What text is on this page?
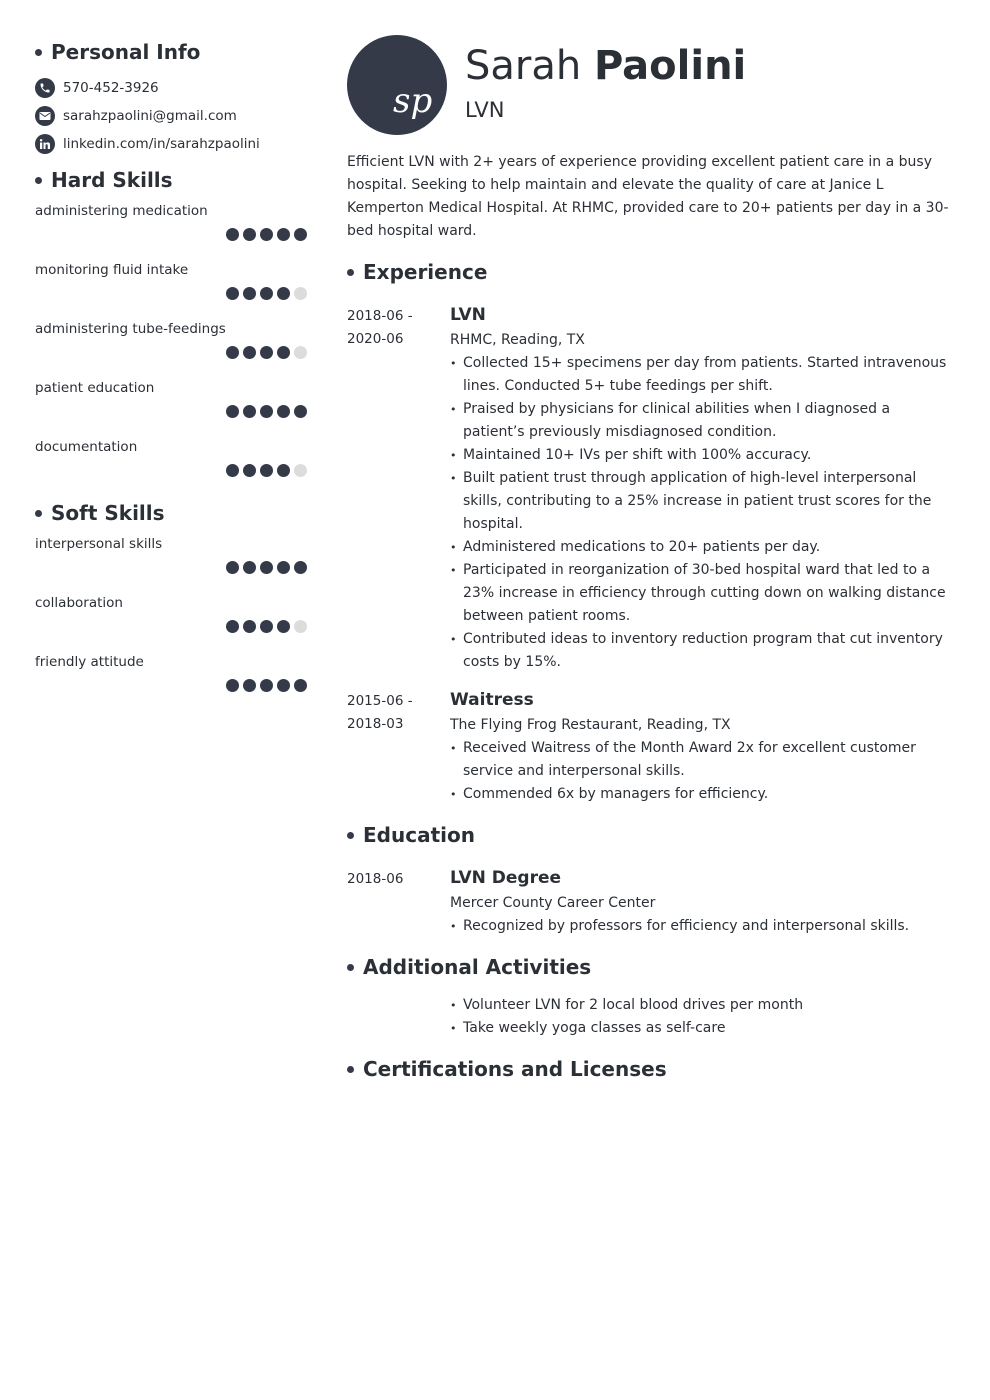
Personal Info
570-452-3926
sarahzpaolini@gmail.com
linkedin.com/in/sarahzpaolini
Hard Skills
administering medication
monitoring fluid intake
administering tube-feedings
patient education
documentation
Soft Skills
interpersonal skills
collaboration
friendly attitude
sp
Sarah Paolini
LVN

Efficient LVN with 2+ years of experience providing excellent patient care in a busy hospital. Seeking to help maintain and elevate the quality of care at Janice L Kemperton Medical Hospital. At RHMC, provided care to 20+ patients per day in a 30-bed hospital ward.

Experience
2018-06 -
2020-06
LVN
RHMC, Reading, TX
• Collected 15+ specimens per day from patients. Started intravenous lines. Conducted 5+ tube feedings per shift.
• Praised by physicians for clinical abilities when I diagnosed a patient’s previously misdiagnosed condition.
• Maintained 10+ IVs per shift with 100% accuracy.
• Built patient trust through application of high-level interpersonal skills, contributing to a 25% increase in patient trust scores for the hospital.
• Administered medications to 20+ patients per day.
• Participated in reorganization of 30-bed hospital ward that led to a 23% increase in efficiency through cutting down on walking distance between patient rooms.
• Contributed ideas to inventory reduction program that cut inventory costs by 15%.
2015-06 -
2018-03
Waitress
The Flying Frog Restaurant, Reading, TX
• Received Waitress of the Month Award 2x for excellent customer service and interpersonal skills.
• Commended 6x by managers for efficiency.
Education
2018-06	LVN Degree
Mercer County Career Center
• Recognized by professors for efficiency and interpersonal skills.
Additional Activities
• Volunteer LVN for 2 local blood drives per month
• Take weekly yoga classes as self-care
Certifications and Licenses
